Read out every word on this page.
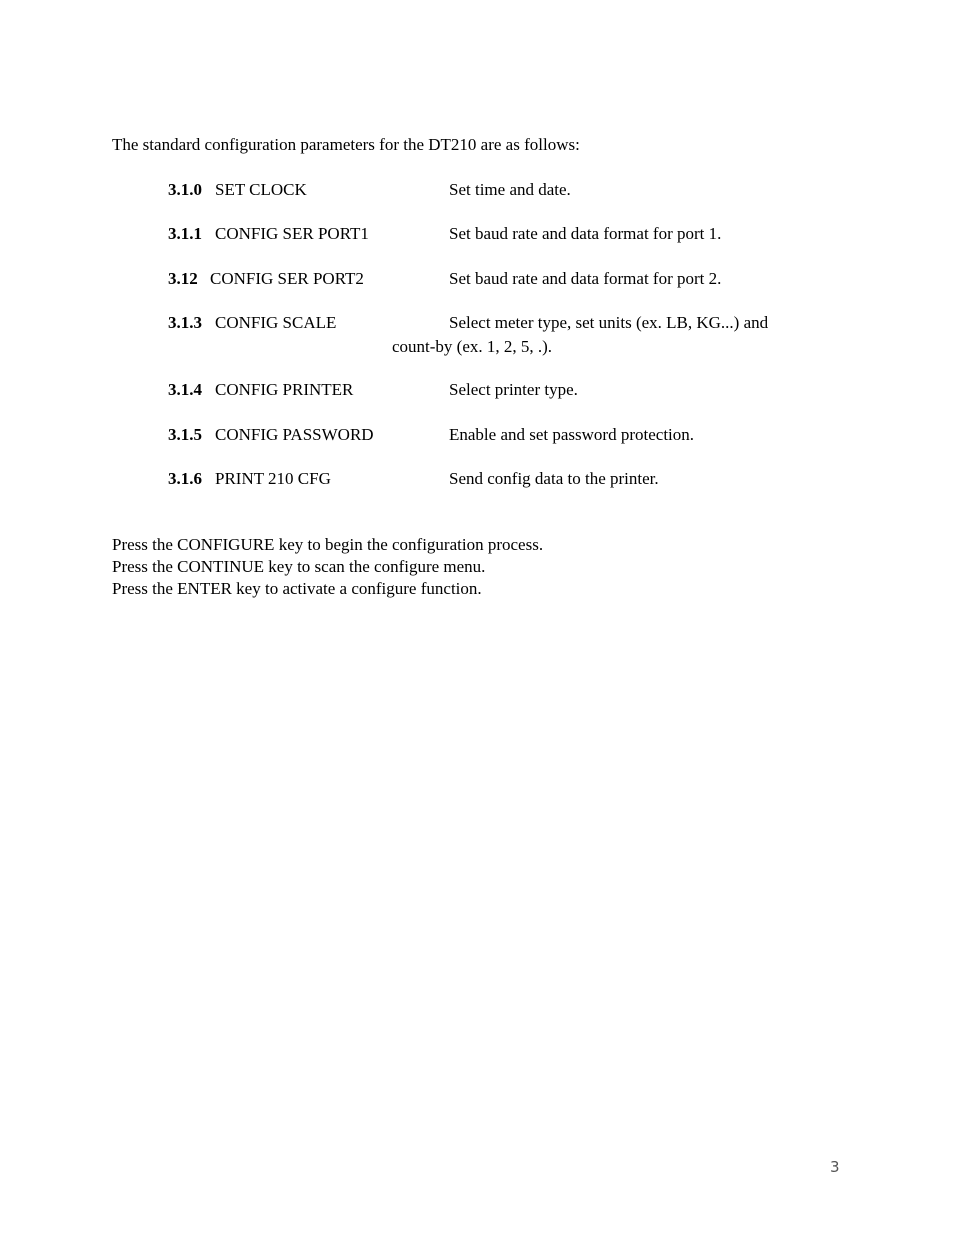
The standard configuration parameters for the DT210 are as follows:

3.1.0 SET CLOCK	Set time and date.
3.1.1 CONFIG SER PORT1	Set baud rate and data format for port 1.
3.12 CONFIG SER PORT2	Set baud rate and data format for port 2.
3.1.3 CONFIG SCALE	Select meter type, set units (ex. LB, KG...) and
count-by (ex. 1, 2, 5, .).
3.1.4 CONFIG PRINTER	Select printer type.
3.1.5 CONFIG PASSWORD	Enable and set password protection.
3.1.6 PRINT 210 CFG	Send config data to the printer.
Press the CONFIGURE key to begin the configuration process.
Press the CONTINUE key to scan the configure menu.
Press the ENTER key to activate a configure function.
3
